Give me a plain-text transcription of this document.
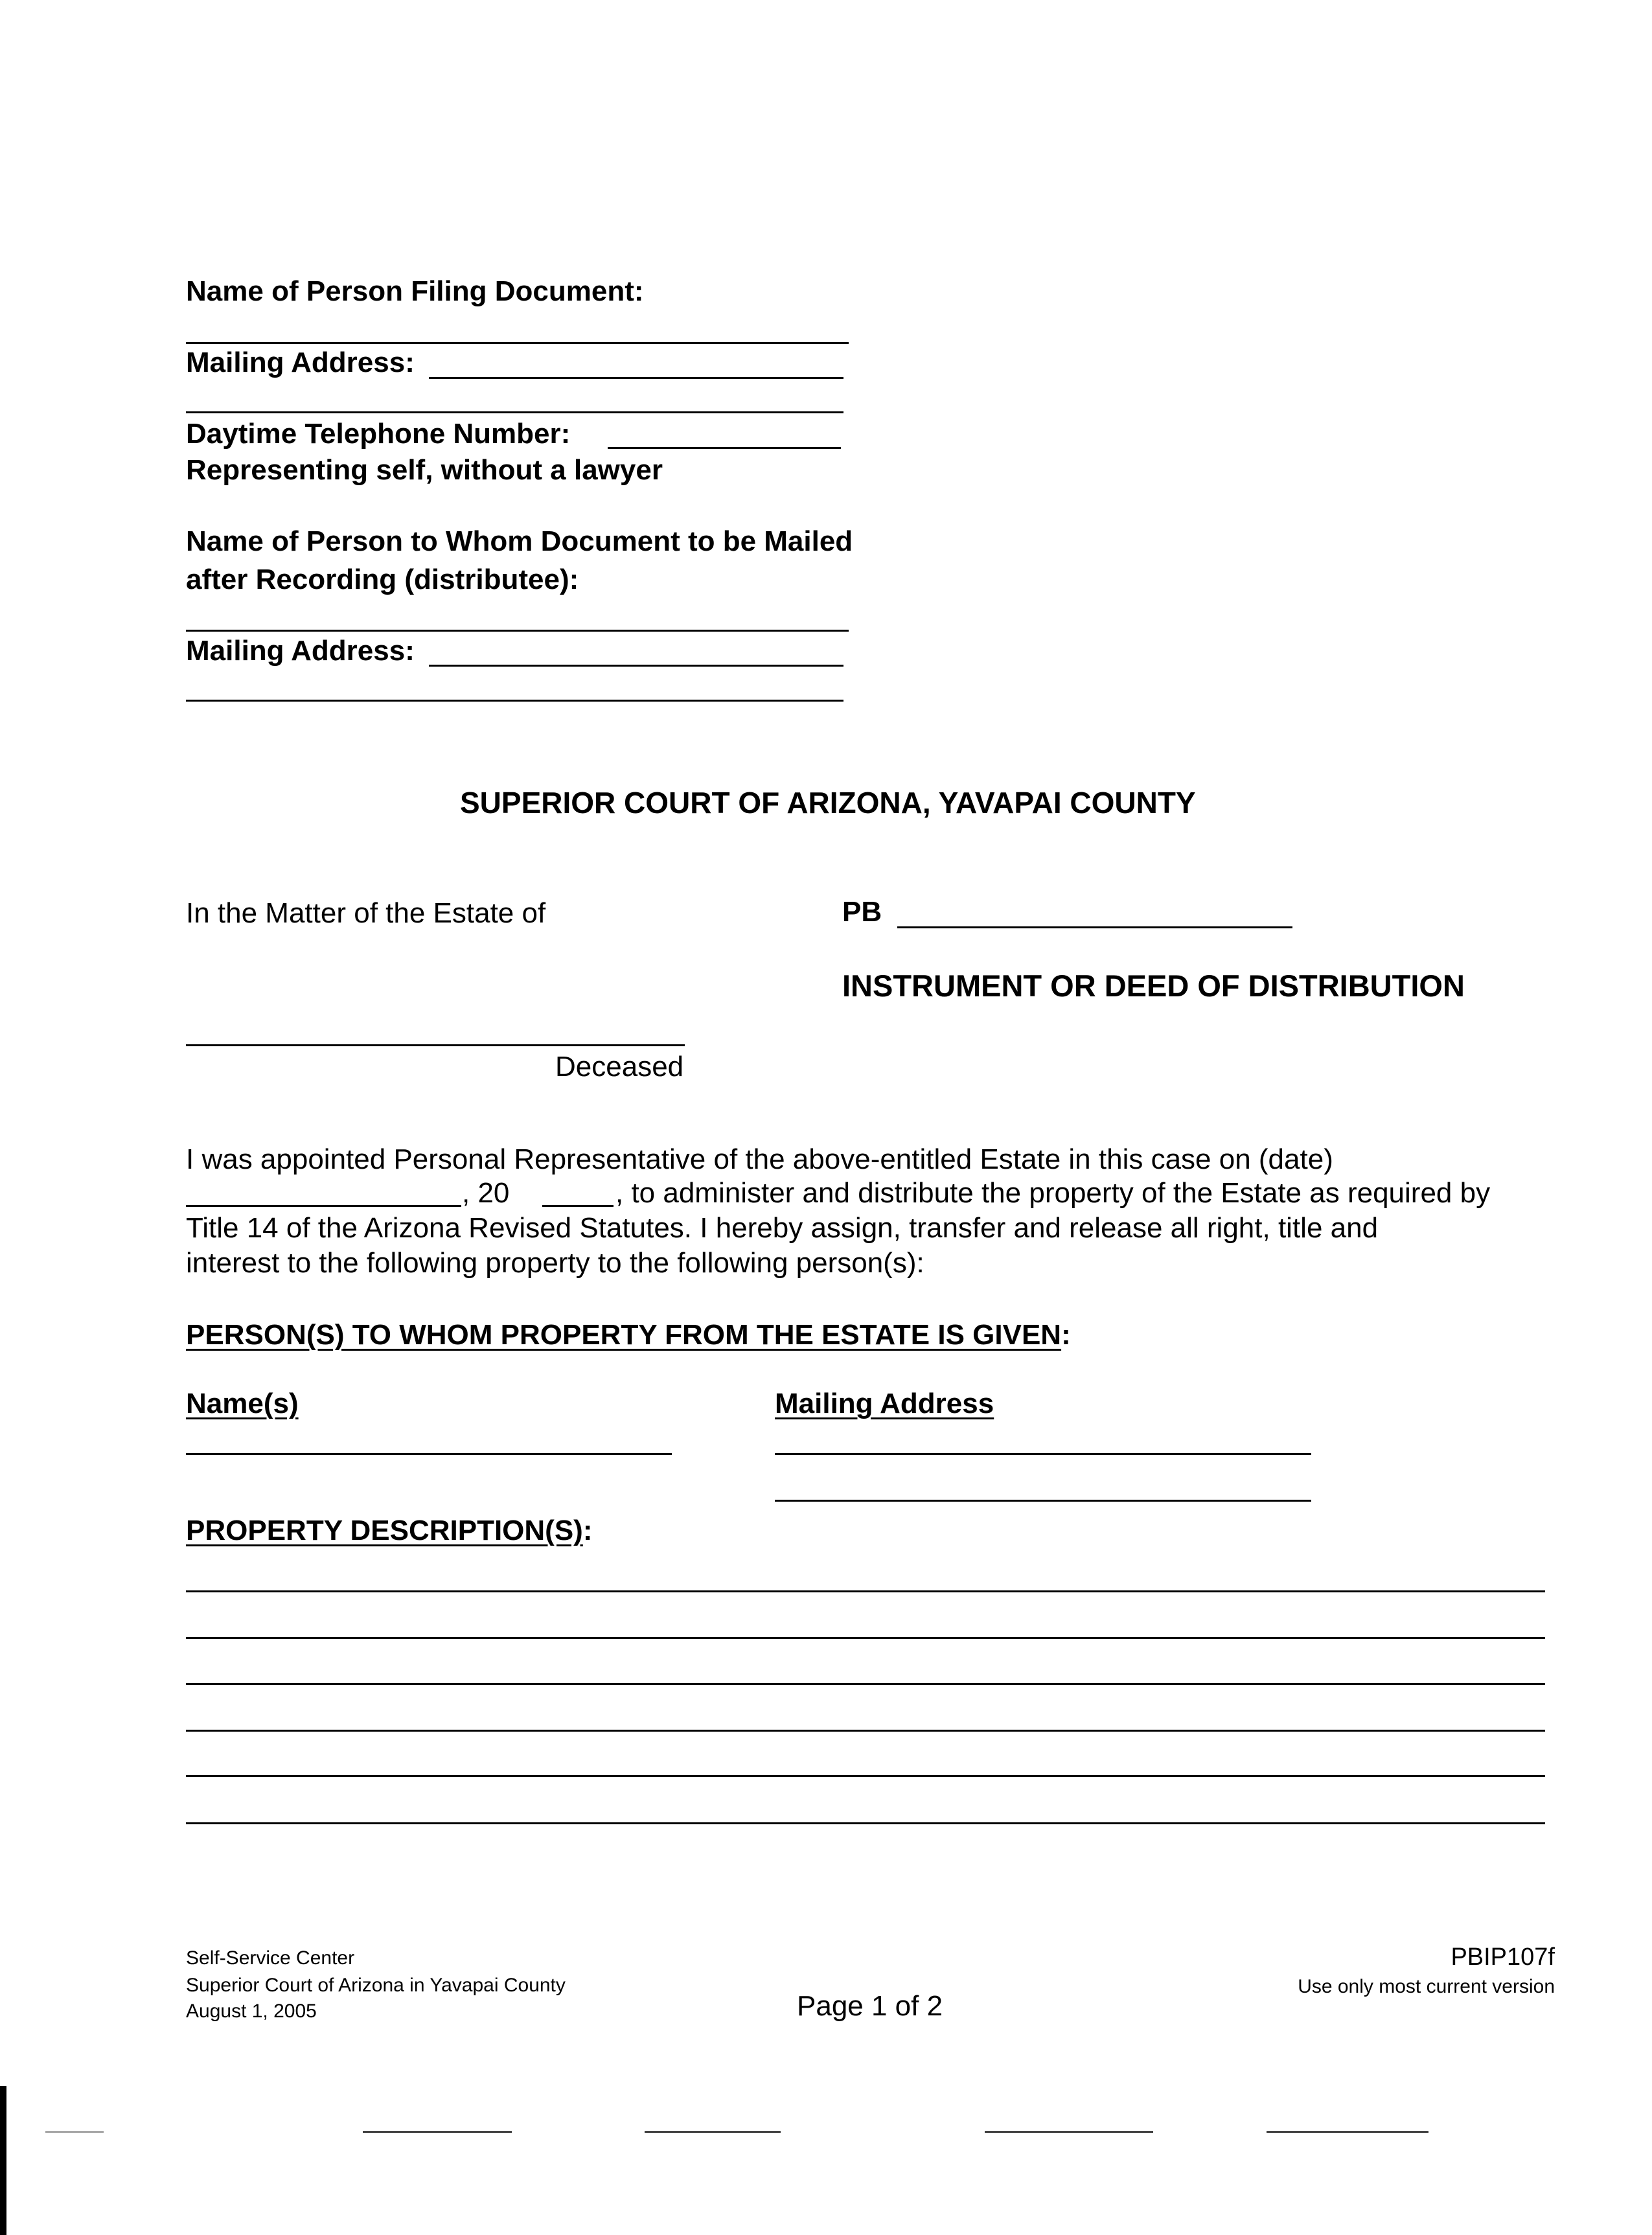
Name of Person Filing Document:
Mailing Address:
Daytime Telephone Number:
Representing self, without a lawyer
Name of Person to Whom Document to be Mailed
after Recording (distributee):
Mailing Address:
SUPERIOR COURT OF ARIZONA, YAVAPAI COUNTY
In the Matter of the Estate of	PB
INSTRUMENT OR DEED OF DISTRIBUTION
Deceased
I was appointed Personal Representative of the above-entitled Estate in this case on (date)
, 20	, to administer and distribute the property of the Estate as required by
Title 14 of the Arizona Revised Statutes. I hereby assign, transfer and release all right, title and
interest to the following property to the following person(s):
PERSON(S) TO WHOM PROPERTY FROM THE ESTATE IS GIVEN:
Name(s)	Mailing Address
PROPERTY DESCRIPTION(S):
Self-Service Center
Superior Court of Arizona in Yavapai County
August 1, 2005	Page 1 of 2
PBIP107f
Use only most current version
